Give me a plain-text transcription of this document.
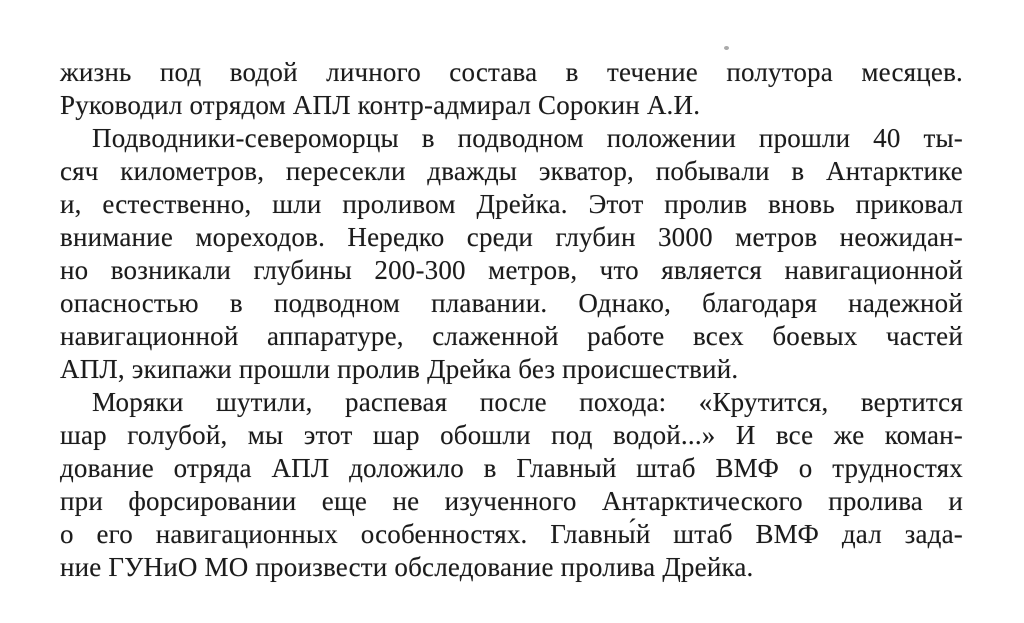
жизнь под водой личного состава в течение полутора месяцев.
Руководил отрядом АПЛ контр-адмирал Сорокин А.И.
Подводники-североморцы в подводном положении прошли 40 ты-
сяч километров, пересекли дважды экватор, побывали в Антарктике
и, естественно, шли проливом Дрейка. Этот пролив вновь приковал
внимание мореходов. Нередко среди глубин 3000 метров неожидан-
но возникали глубины 200-300 метров, что является навигационной
опасностью в подводном плавании. Однако, благодаря надежной
навигационной аппаратуре, слаженной работе всех боевых частей
АПЛ, экипажи прошли пролив Дрейка без происшествий.
Моряки шутили, распевая после похода: «Крутится, вертится
шар голубой, мы этот шар обошли под водой...» И все же коман-
дование отряда АПЛ доложило в Главный штаб ВМФ о трудностях
при форсировании еще не изученного Антарктического пролива и
о его навигационных особенностях. Главны́й штаб ВМФ дал зада-
ние ГУНиО МО произвести обследование пролива Дрейка.
